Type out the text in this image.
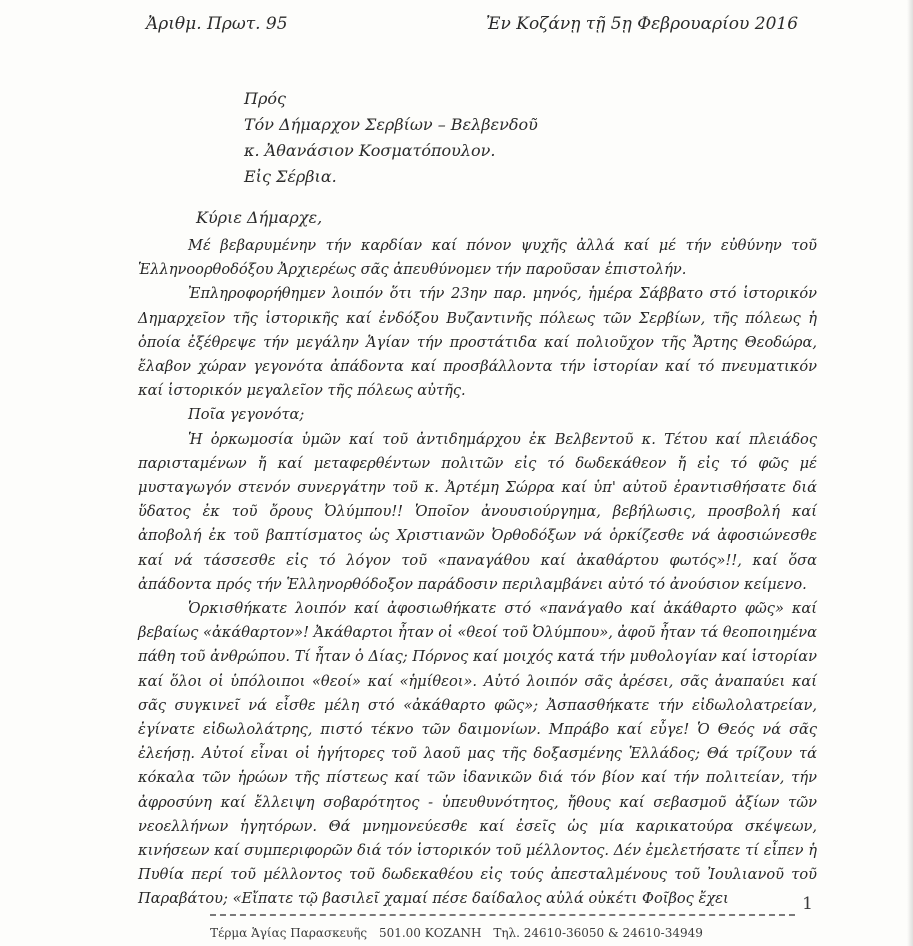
Ἀριθμ. Πρωτ. 95	Ἐν Κοζάνῃ τῇ 5ῃ Φεβρουαρίου 2016
Πρός
Τόν Δήμαρχον Σερβίων – Βελβενδοῦ
κ. Ἀθανάσιον Κοσματόπουλον.
Εἰς Σέρβια.
Κύριε Δήμαρχε,

Μέ βεβαρυμένην τήν καρδίαν καί πόνον ψυχῆς ἀλλά καί μέ τήν εὐθύνην τοῦ Ἑλληνοορθοδόξου Ἀρχιερέως σᾶς ἀπευθύνομεν τήν παροῦσαν ἐπιστολήν.

Ἐπληροφορήθημεν λοιπόν ὅτι τήν 23ην παρ. μηνός, ἡμέρα Σάββατο στό ἱστορικόν Δημαρχεῖον τῆς ἱστορικῆς καί ἐνδόξου Βυζαντινῆς πόλεως τῶν Σερβίων, τῆς πόλεως ἡ ὁποία ἐξέθρεψε τήν μεγάλην Ἁγίαν τήν προστάτιδα καί πολιοῦχον τῆς Ἄρτης Θεοδώρα, ἔλαβον χώραν γεγονότα ἀπάδοντα καί προσβάλλοντα τήν ἱστορίαν καί τό πνευματικόν καί ἱστορικόν μεγαλεῖον τῆς πόλεως αὐτῆς.

Ποῖα γεγονότα;

Ἡ ὁρκωμοσία ὑμῶν καί τοῦ ἀντιδημάρχου ἐκ Βελβεντοῦ κ. Τέτου καί πλειάδος παρισταμένων ἤ καί μεταφερθέντων πολιτῶν εἰς τό δωδεκάθεον ἤ εἰς τό φῶς μέ μυσταγωγόν στενόν συνεργάτην τοῦ κ. Ἀρτέμη Σώρρα καί ὑπ' αὐτοῦ ἐραντισθήσατε διά ὕδατος ἐκ τοῦ ὄρους Ὀλύμπου!! Ὁποῖον ἀνουσιούργημα, βεβήλωσις, προσβολή καί ἀποβολή ἐκ τοῦ βαπτίσματος ὡς Χριστιανῶν Ὀρθοδόξων νά ὁρκίζεσθε νά ἀφοσιώνεσθε καί νά τάσσεσθε εἰς τό λόγον τοῦ «παναγάθου καί ἀκαθάρτου φωτός»!!, καί ὅσα ἀπάδοντα πρός τήν Ἑλληνορθόδοξον παράδοσιν περιλαμβάνει αὐτό τό ἀνούσιον κείμενο.

Ὁρκισθήκατε λοιπόν καί ἀφοσιωθήκατε στό «πανάγαθο καί ἀκάθαρτο φῶς» καί βεβαίως «ἀκάθαρτον»! Ἀκάθαρτοι ἦταν οἱ «θεοί τοῦ Ὀλύμπου», ἀφοῦ ἦταν τά θεοποιημένα πάθη τοῦ ἀνθρώπου. Τί ἦταν ὁ Δίας; Πόρνος καί μοιχός κατά τήν μυθολογίαν καί ἱστορίαν καί ὅλοι οἱ ὑπόλοιποι «θεοί» καί «ἡμίθεοι». Αὐτό λοιπόν σᾶς ἀρέσει, σᾶς ἀναπαύει καί σᾶς συγκινεῖ νά εἶσθε μέλη στό «ἀκάθαρτο φῶς»; Ἀσπασθήκατε τήν εἰδωλολατρείαν, ἐγίνατε εἰδωλολάτρης, πιστό τέκνο τῶν δαιμονίων. Μπράβο καί εὖγε! Ὁ Θεός νά σᾶς ἐλεήσῃ. Αὐτοί εἶναι οἱ ἡγήτορες τοῦ λαοῦ μας τῆς δοξασμένης Ἑλλάδος; Θά τρίζουν τά κόκαλα τῶν ἡρώων τῆς πίστεως καί τῶν ἰδανικῶν διά τόν βίον καί τήν πολιτείαν, τήν ἀφροσύνη καί ἔλλειψη σοβαρότητος - ὑπευθυνότητος, ἤθους καί σεβασμοῦ ἀξίων τῶν νεοελλήνων ἡγητόρων. Θά μνημονεύεσθε καί ἐσεῖς ὡς μία καρικατούρα σκέψεων, κινήσεων καί συμπεριφορῶν διά τόν ἱστορικόν τοῦ μέλλοντος. Δέν ἐμελετήσατε τί εἶπεν ἡ Πυθία περί τοῦ μέλλοντος τοῦ δωδεκαθέου εἰς τούς ἀπεσταλμένους τοῦ Ἰουλιανοῦ τοῦ Παραβάτου; «Εἴπατε τῷ βασιλεῖ χαμαί πέσε δαίδαλος αὐλά οὐκέτι Φοῖβος ἔχει	1
Τέρμα Ἁγίας Παρασκευῆς 501.00 ΚΟΖΑΝΗ Τηλ. 24610-36050 & 24610-34949
